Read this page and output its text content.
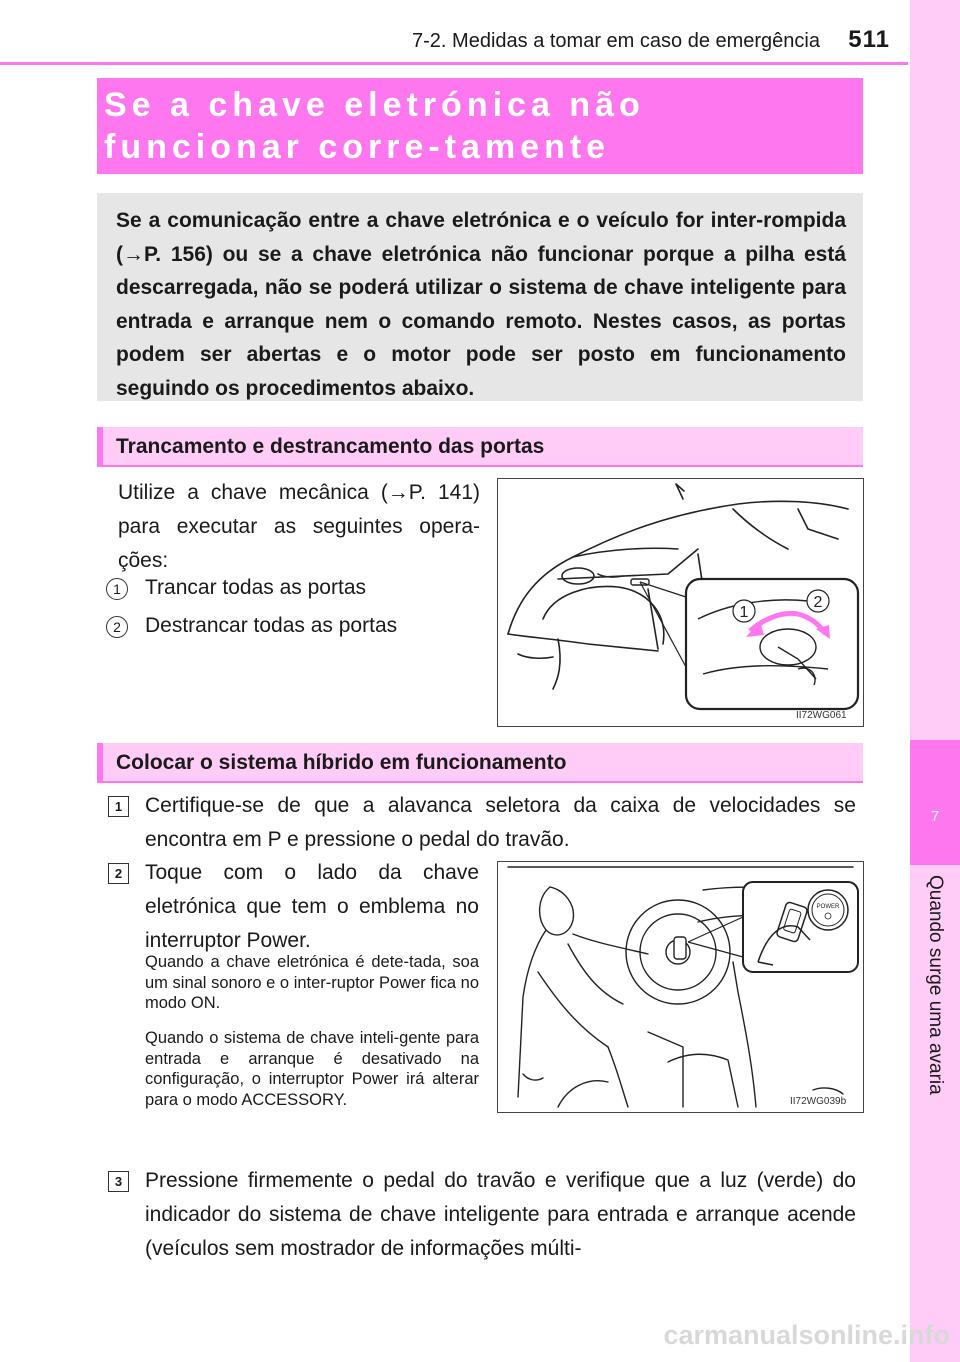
7-2. Medidas a tomar em caso de emergência	511
7
Quando surge uma avaria
Se a chave eletrónica não funcionar corre-tamente
Se a comunicação entre a chave eletrónica e o veículo for inter-rompida (→P. 156) ou se a chave eletrónica não funcionar porque a pilha está descarregada, não se poderá utilizar o sistema de chave inteligente para entrada e arranque nem o comando remoto. Nestes casos, as portas podem ser abertas e o motor pode ser posto em funcionamento seguindo os procedimentos abaixo.
Trancamento e destrancamento das portas
Utilize a chave mecânica (→P. 141) para executar as seguintes opera-ções:
1	Trancar todas as portas
2	Destrancar todas as portas
1
2
II72WG061
Colocar o sistema híbrido em funcionamento
1	Certifique-se de que a alavanca seletora da caixa de velocidades se encontra em P e pressione o pedal do travão.
2	Toque com o lado da chave eletrónica que tem o emblema no interruptor Power.
Quando a chave eletrónica é dete-tada, soa um sinal sonoro e o inter-ruptor Power fica no modo ON.
Quando o sistema de chave inteli-gente para entrada e arranque é desativado na configuração, o interruptor Power irá alterar para o modo ACCESSORY.
POWER
II72WG039b
3	Pressione firmemente o pedal do travão e verifique que a luz (verde) do indicador do sistema de chave inteligente para entrada e arranque acende (veículos sem mostrador de informações múlti-
carmanualsonline.info
